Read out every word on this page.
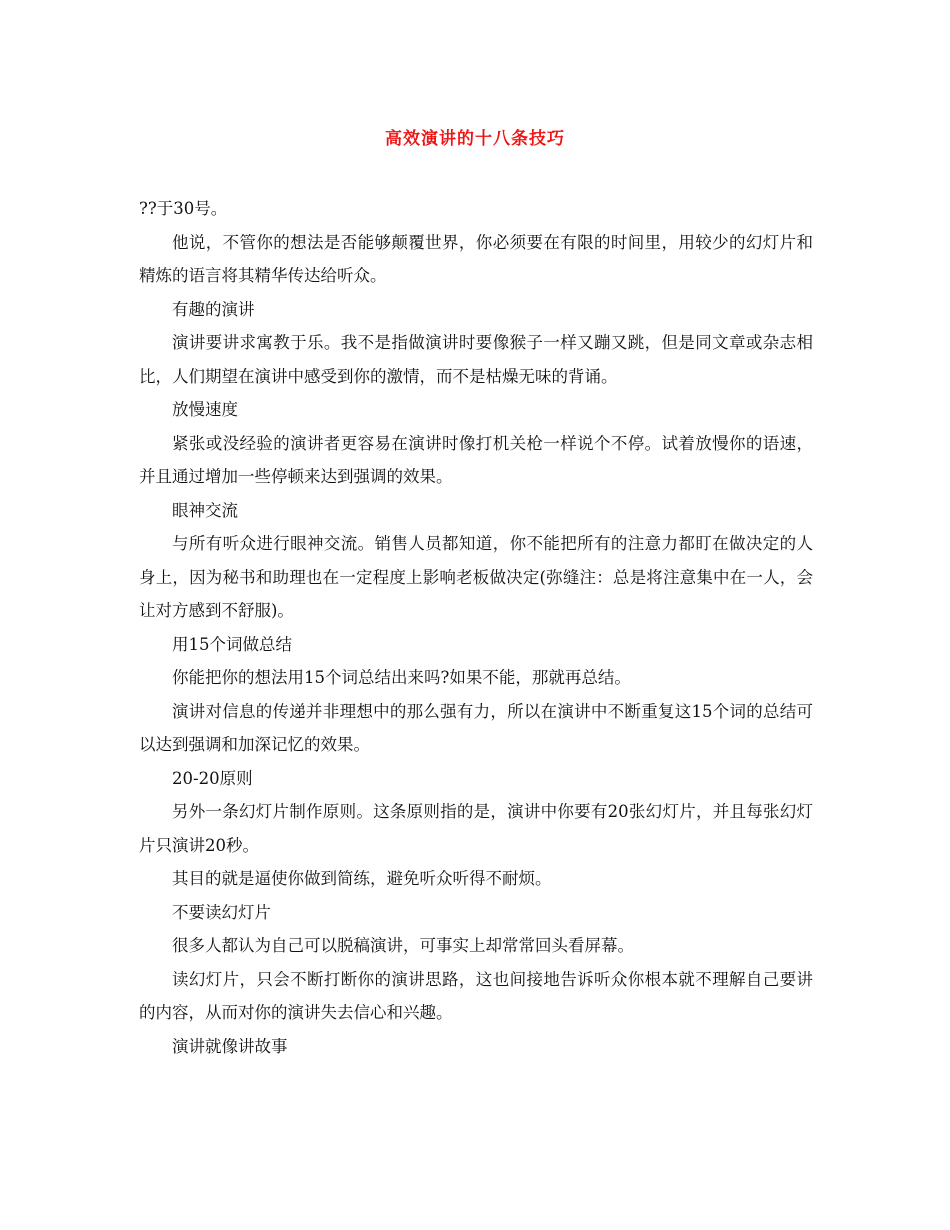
高效演讲的十八条技巧

??于30号。

他说，不管你的想法是否能够颠覆世界，你必须要在有限的时间里，用较少的幻灯片和精炼的语言将其精华传达给听众。

有趣的演讲

演讲要讲求寓教于乐。我不是指做演讲时要像猴子一样又蹦又跳，但是同文章或杂志相比，人们期望在演讲中感受到你的激情，而不是枯燥无味的背诵。

放慢速度

紧张或没经验的演讲者更容易在演讲时像打机关枪一样说个不停。试着放慢你的语速，并且通过增加一些停顿来达到强调的效果。

眼神交流

与所有听众进行眼神交流。销售人员都知道，你不能把所有的注意力都盯在做决定的人身上，因为秘书和助理也在一定程度上影响老板做决定(弥缝注：总是将注意集中在一人，会让对方感到不舒服)。

用15个词做总结

你能把你的想法用15个词总结出来吗?如果不能，那就再总结。

演讲对信息的传递并非理想中的那么强有力，所以在演讲中不断重复这15个词的总结可以达到强调和加深记忆的效果。

20-20原则

另外一条幻灯片制作原则。这条原则指的是，演讲中你要有20张幻灯片，并且每张幻灯片只演讲20秒。

其目的就是逼使你做到简练，避免听众听得不耐烦。

不要读幻灯片

很多人都认为自己可以脱稿演讲，可事实上却常常回头看屏幕。

读幻灯片，只会不断打断你的演讲思路，这也间接地告诉听众你根本就不理解自己要讲的内容，从而对你的演讲失去信心和兴趣。

演讲就像讲故事
